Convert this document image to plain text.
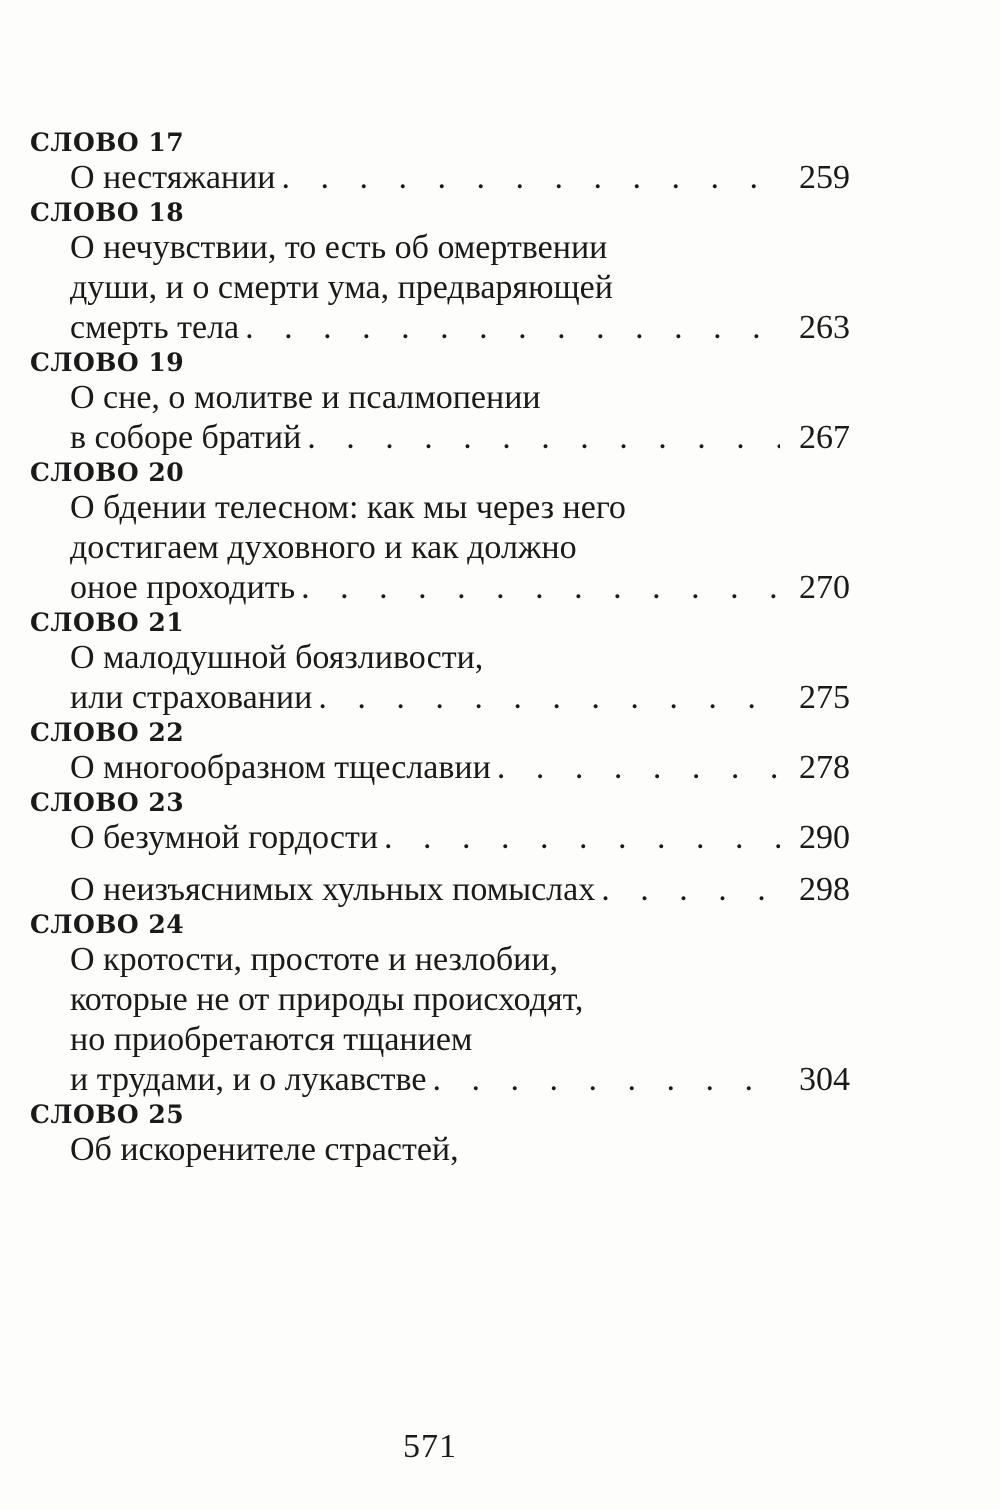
СЛОВО 17
О нестяжании . . .	259
СЛОВО 18
О нечувствии, то есть об омертвении
души, и о смерти ума, предваряющей
смерть тела . . .	263
СЛОВО 19
О сне, о молитве и псалмопении
в соборе братий . . .	267
СЛОВО 20
О бдении телесном: как мы через него
достигаем духовного и как должно
оное проходить . . .	270
СЛОВО 21
О малодушной боязливости,
или страховании . . .	275
СЛОВО 22
О многообразном тщеславии . . .	278
СЛОВО 23
О безумной гордости . . .	290
О неизъяснимых хульных помыслах . . .	298
СЛОВО 24
О кротости, простоте и незлобии,
которые не от природы происходят,
но приобретаются тщанием
и трудами, и о лукавстве . . .	304
СЛОВО 25
Об искоренителе страстей,
571
